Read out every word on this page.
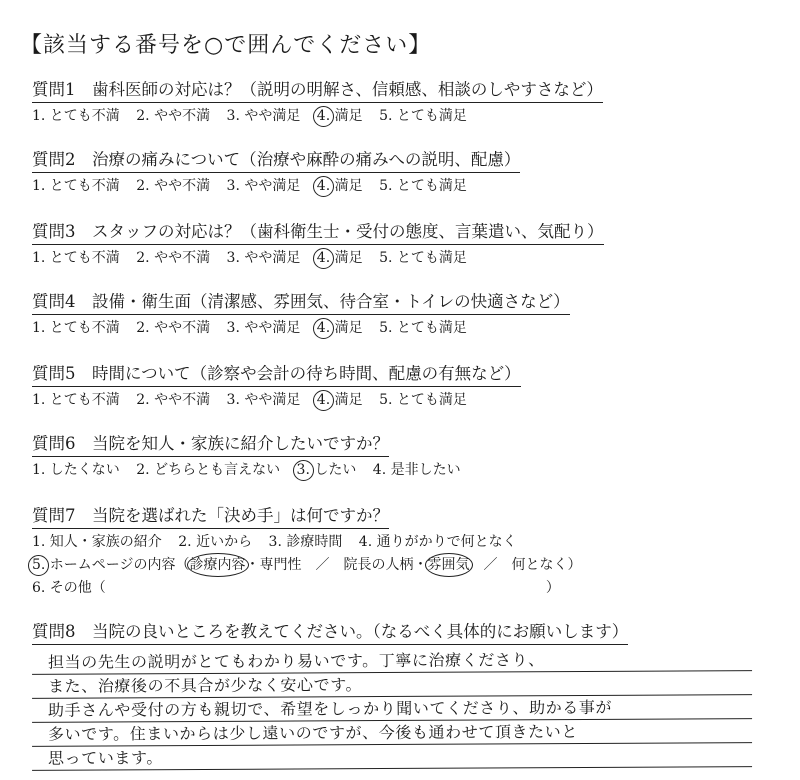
【該当する番号を○で囲んでください】
質問1　歯科医師の対応は？（説明の明解さ、信頼感、相談のしやすさなど）
1. とても不満 2. やや不満 3. やや満足 4. 満足 5. とても満足
質問2　治療の痛みについて（治療や麻酔の痛みへの説明、配慮）
1. とても不満 2. やや不満 3. やや満足 4. 満足 5. とても満足
質問3　スタッフの対応は？（歯科衛生士・受付の態度、言葉遣い、気配り）
1. とても不満 2. やや不満 3. やや満足 4. 満足 5. とても満足
質問4　設備・衛生面（清潔感、雰囲気、待合室・トイレの快適さなど）
1. とても不満 2. やや不満 3. やや満足 4. 満足 5. とても満足
質問5　時間について（診察や会計の待ち時間、配慮の有無など）
1. とても不満 2. やや不満 3. やや満足 4. 満足 5. とても満足
質問6　当院を知人・家族に紹介したいですか？
1. したくない 2. どちらとも言えない 3. したい 4. 是非したい
質問7　当院を選ばれた「決め手」は何ですか？
1. 知人・家族の紹介 2. 近いから 3. 診療時間 4. 通りがかりで何となく
5. ホームページの内容（診療内容・専門性　／　院長の人柄・雰囲気　／　何となく）
6. その他（	）
質問8　当院の良いところを教えてください。（なるべく具体的にお願いします）
担当の先生の説明がとてもわかり易いです。丁寧に治療くださり、
また、治療後の不具合が少なく安心です。
助手さんや受付の方も親切で、希望をしっかり聞いてくださり、助かる事が
多いです。住まいからは少し遠いのですが、今後も通わせて頂きたいと
思っています。
